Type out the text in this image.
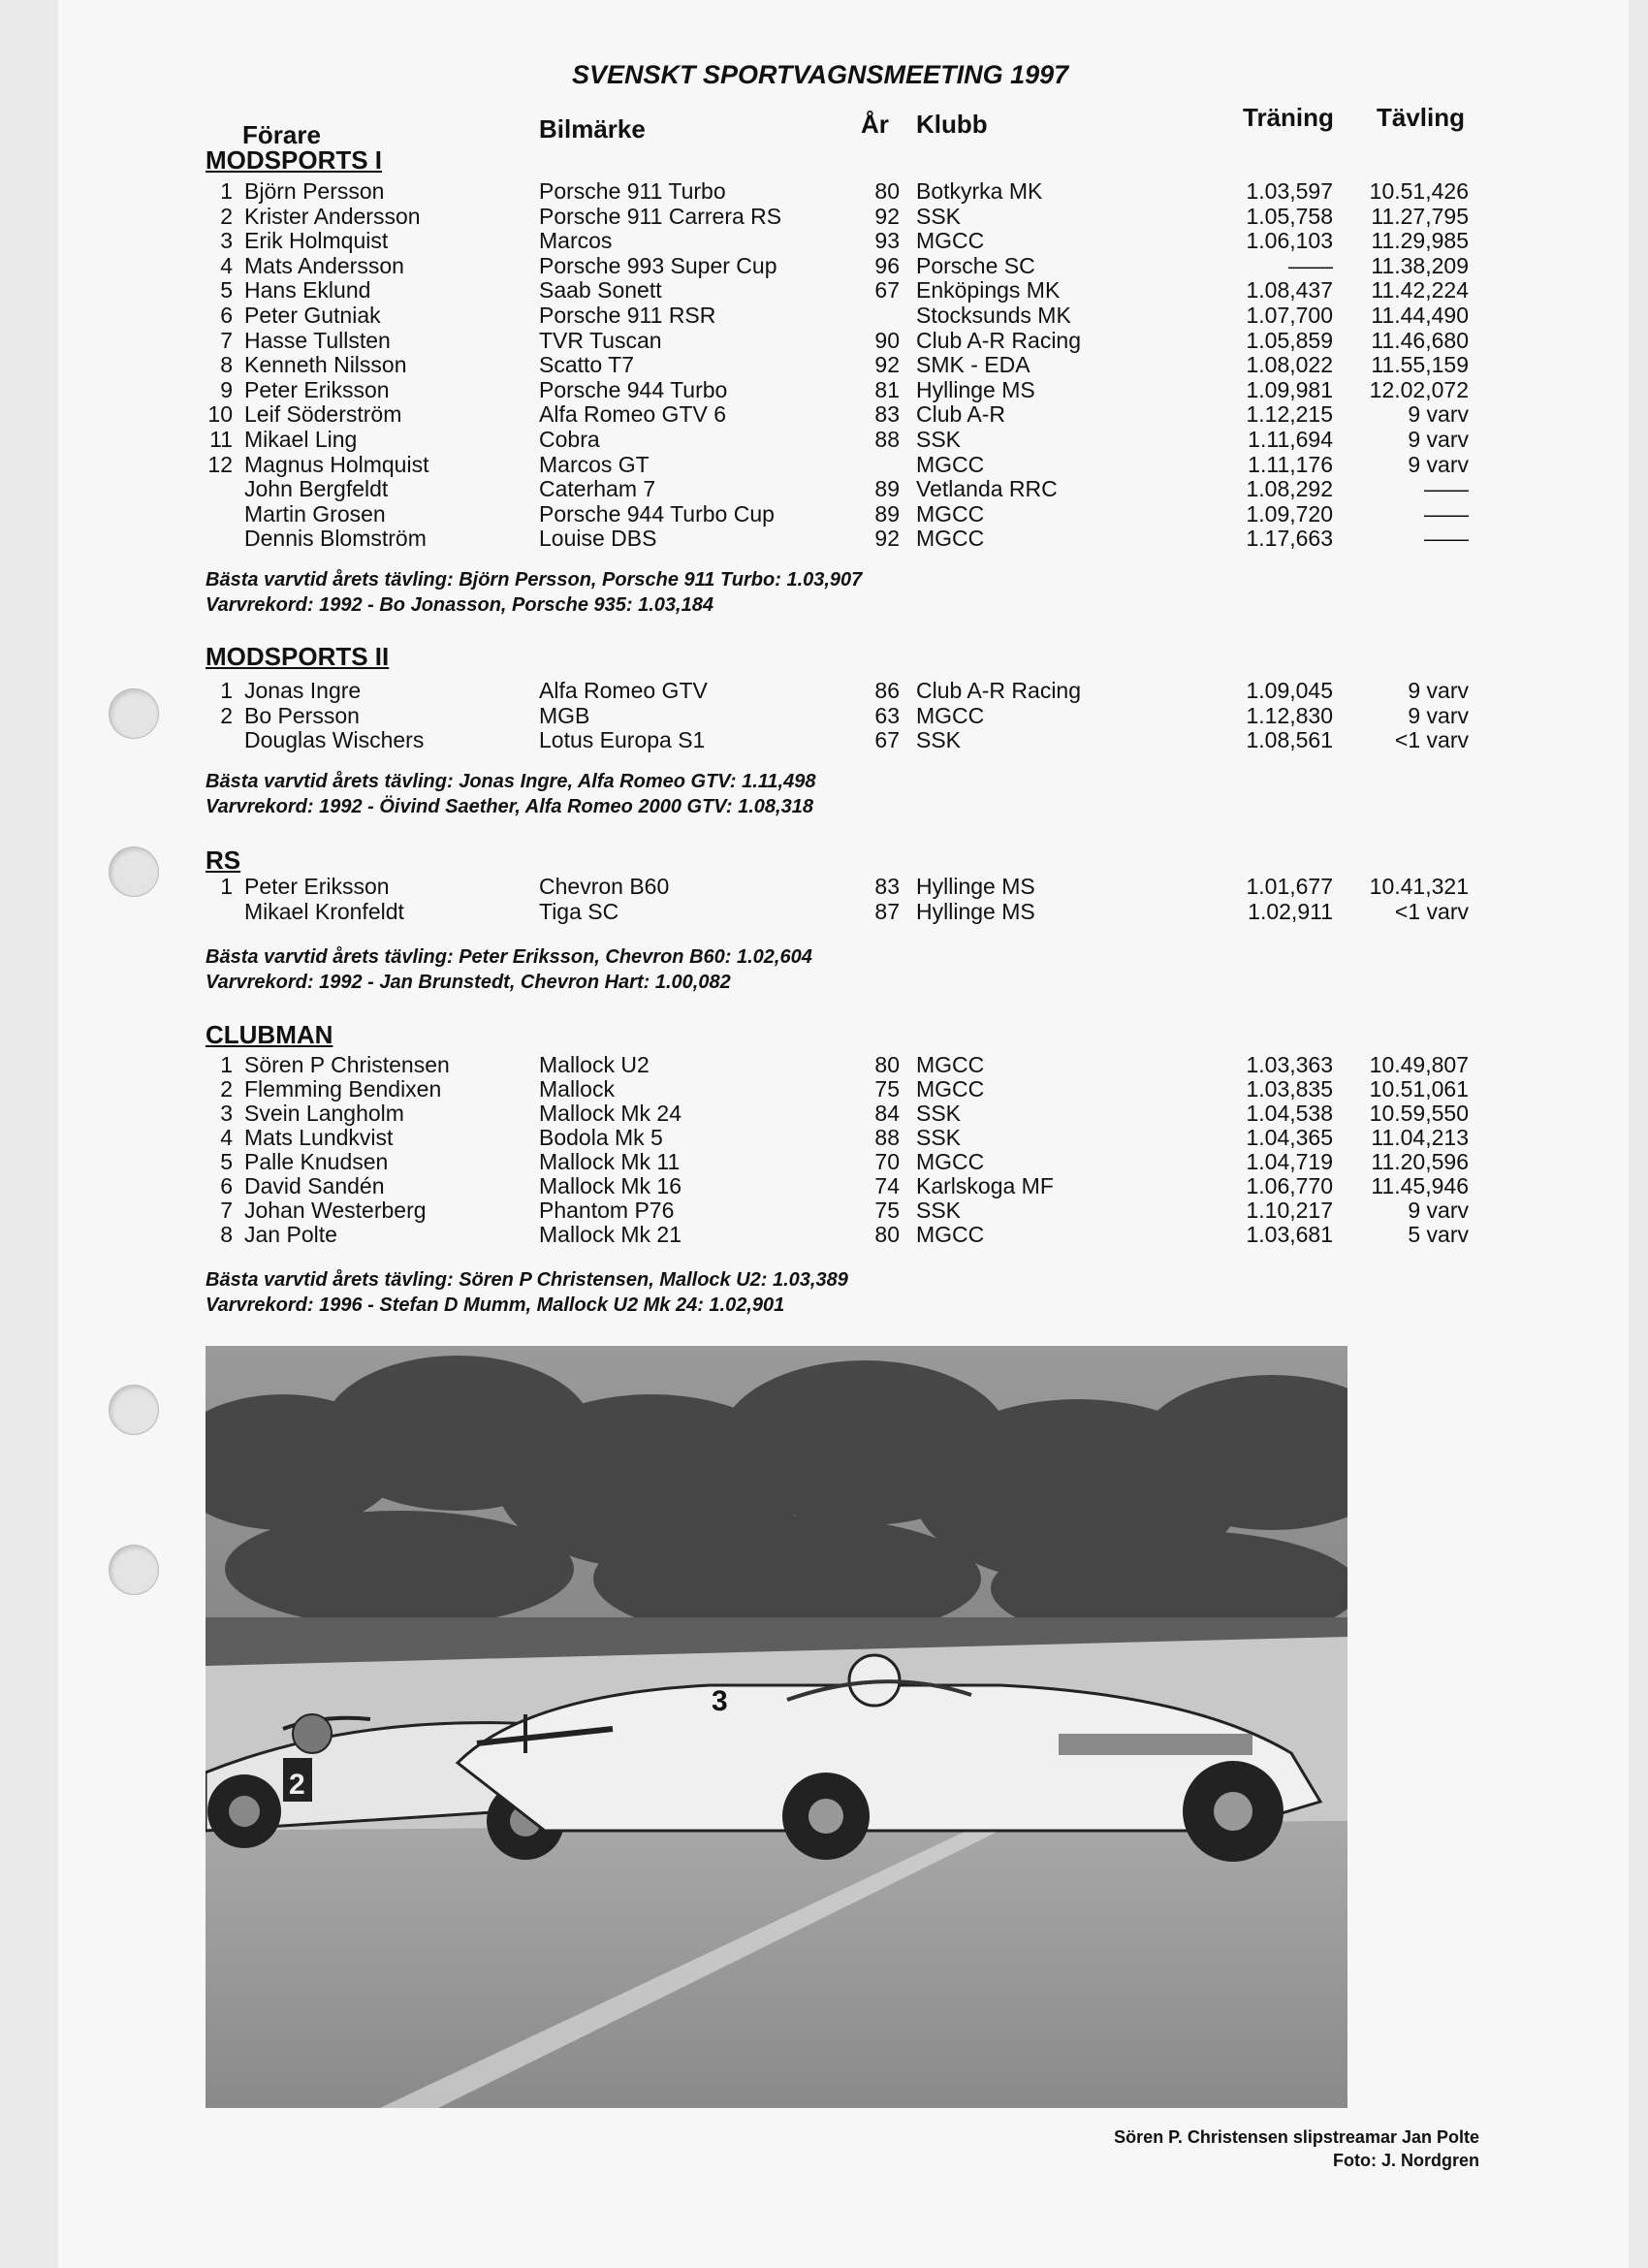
SVENSKT SPORTVAGNSMEETING 1997
Förare	Bilmärke	År Klubb	Träning Tävling
MODSPORTS I
1 Björn Persson	Porsche 911 Turbo	80 Botkyrka MK	1.03,597	10.51,426
2 Krister Andersson	Porsche 911 Carrera RS	92 SSK	1.05,758	11.27,795
3 Erik Holmquist	Marcos	93 MGCC	1.06,103	11.29,985
4 Mats Andersson	Porsche 993 Super Cup	96 Porsche SC	——	11.38,209
5 Hans Eklund	Saab Sonett	67 Enköpings MK	1.08,437	11.42,224
6 Peter Gutniak	Porsche 911 RSR	Stocksunds MK	1.07,700	11.44,490
7 Hasse Tullsten	TVR Tuscan	90 Club A-R Racing	1.05,859	11.46,680
8 Kenneth Nilsson	Scatto T7	92 SMK - EDA	1.08,022	11.55,159
9 Peter Eriksson	Porsche 944 Turbo	81 Hyllinge MS	1.09,981	12.02,072
10 Leif Söderström	Alfa Romeo GTV 6	83 Club A-R	1.12,215	9 varv
11 Mikael Ling	Cobra	88 SSK	1.11,694	9 varv
12 Magnus Holmquist	Marcos GT	MGCC	1.11,176	9 varv
John Bergfeldt	Caterham 7	89 Vetlanda RRC	1.08,292	——
Martin Grosen	Porsche 944 Turbo Cup	89 MGCC	1.09,720	——
Dennis Blomström	Louise DBS	92 MGCC	1.17,663	——
Bästa varvtid årets tävling: Björn Persson, Porsche 911 Turbo: 1.03,907
Varvrekord: 1992 - Bo Jonasson, Porsche 935: 1.03,184
MODSPORTS II
1 Jonas Ingre	Alfa Romeo GTV	86 Club A-R Racing	1.09,045	9 varv
2 Bo Persson	MGB	63 MGCC	1.12,830	9 varv
Douglas Wischers	Lotus Europa S1	67 SSK	1.08,561	<1 varv
Bästa varvtid årets tävling: Jonas Ingre, Alfa Romeo GTV: 1.11,498
Varvrekord: 1992 - Öivind Saether, Alfa Romeo 2000 GTV: 1.08,318
RS
1 Peter Eriksson	Chevron B60	83 Hyllinge MS	1.01,677	10.41,321
Mikael Kronfeldt	Tiga SC	87 Hyllinge MS	1.02,911	<1 varv
Bästa varvtid årets tävling: Peter Eriksson, Chevron B60: 1.02,604
Varvrekord: 1992 - Jan Brunstedt, Chevron Hart: 1.00,082
CLUBMAN
1 Sören P Christensen	Mallock U2	80 MGCC	1.03,363	10.49,807
2 Flemming Bendixen	Mallock	75 MGCC	1.03,835	10.51,061
3 Svein Langholm	Mallock Mk 24	84 SSK	1.04,538	10.59,550
4 Mats Lundkvist	Bodola Mk 5	88 SSK	1.04,365	11.04,213
5 Palle Knudsen	Mallock Mk 11	70 MGCC	1.04,719	11.20,596
6 David Sandén	Mallock Mk 16	74 Karlskoga MF	1.06,770	11.45,946
7 Johan Westerberg	Phantom P76	75 SSK	1.10,217	9 varv
8 Jan Polte	Mallock Mk 21	80 MGCC	1.03,681	5 varv
Bästa varvtid årets tävling: Sören P Christensen, Mallock U2: 1.03,389
Varvrekord: 1996 - Stefan D Mumm, Mallock U2 Mk 24: 1.02,901
2
3
Sören P. Christensen slipstreamar Jan Polte
Foto: J. Nordgren
